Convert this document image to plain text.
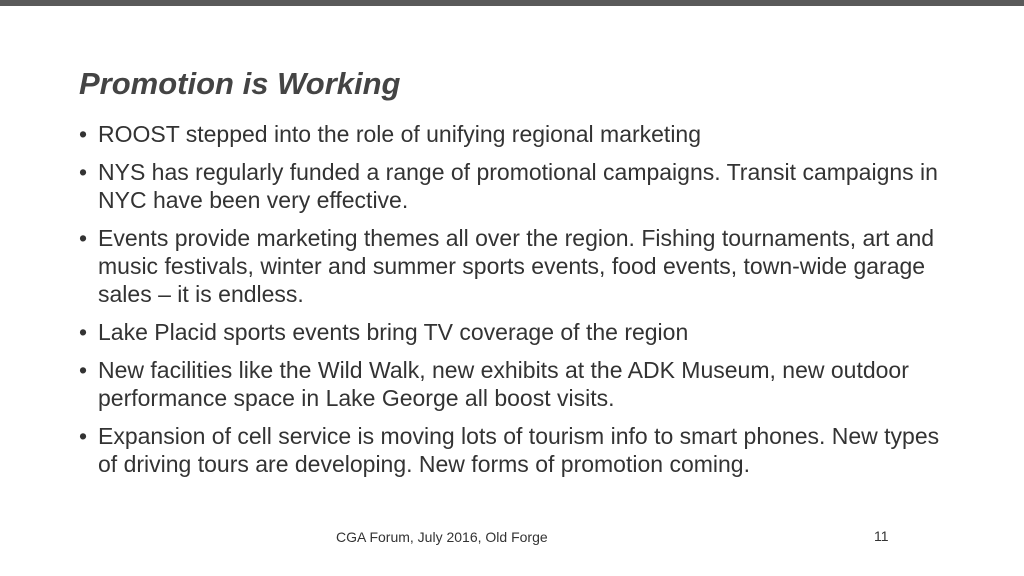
Promotion is Working
• ROOST stepped into the role of unifying regional marketing
• NYS has regularly funded a range of promotional campaigns. Transit campaigns in NYC have been very effective.
• Events provide marketing themes all over the region. Fishing tournaments, art and music festivals, winter and summer sports events, food events, town-wide garage sales – it is endless.
• Lake Placid sports events bring TV coverage of the region
• New facilities like the Wild Walk, new exhibits at the ADK Museum, new outdoor performance space in Lake George all boost visits.
• Expansion of cell service is moving lots of tourism info to smart phones. New types of driving tours are developing. New forms of promotion coming.
CGA Forum, July 2016, Old Forge	11
